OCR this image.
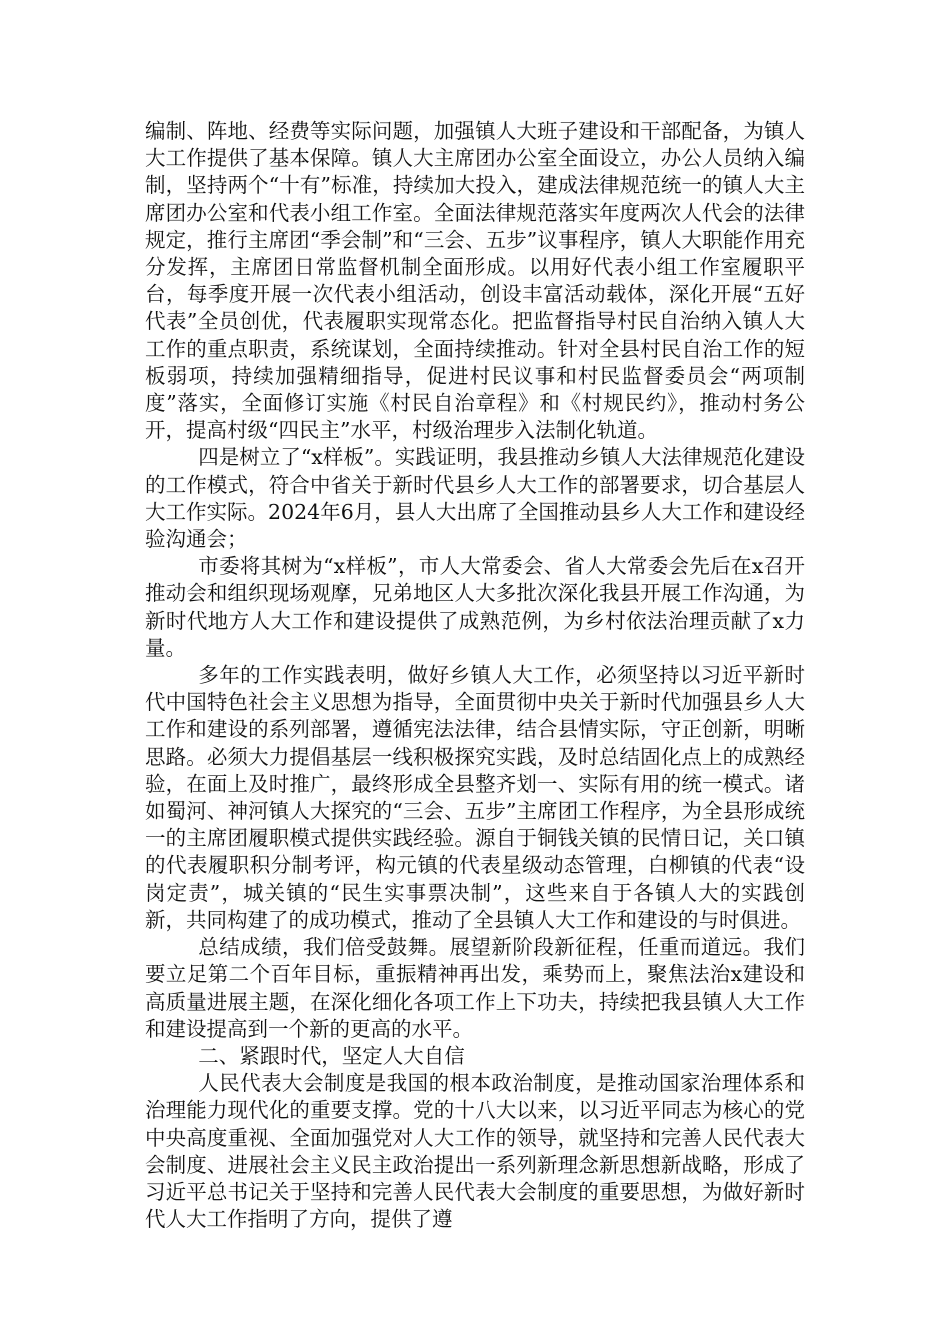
编制、阵地、经费等实际问题，加强镇人大班子建设和干部配备，为镇人大工作提供了基本保障。镇人大主席团办公室全面设立，办公人员纳入编制，坚持两个“十有”标准，持续加大投入，建成法律规范统一的镇人大主席团办公室和代表小组工作室。全面法律规范落实年度两次人代会的法律规定，推行主席团“季会制”和“三会、五步”议事程序，镇人大职能作用充分发挥，主席团日常监督机制全面形成。以用好代表小组工作室履职平台，每季度开展一次代表小组活动，创设丰富活动载体，深化开展“五好代表”全员创优，代表履职实现常态化。把监督指导村民自治纳入镇人大工作的重点职责，系统谋划，全面持续推动。针对全县村民自治工作的短板弱项，持续加强精细指导，促进村民议事和村民监督委员会“两项制度”落实，全面修订实施《村民自治章程》和《村规民约》，推动村务公开，提高村级“四民主”水平，村级治理步入法制化轨道。

四是树立了“x样板”。实践证明，我县推动乡镇人大法律规范化建设的工作模式，符合中省关于新时代县乡人大工作的部署要求，切合基层人大工作实际。2024年6月，县人大出席了全国推动县乡人大工作和建设经验沟通会；

市委将其树为“x样板”，市人大常委会、省人大常委会先后在x召开推动会和组织现场观摩，兄弟地区人大多批次深化我县开展工作沟通，为新时代地方人大工作和建设提供了成熟范例，为乡村依法治理贡献了x力量。

多年的工作实践表明，做好乡镇人大工作，必须坚持以习近平新时代中国特色社会主义思想为指导，全面贯彻中央关于新时代加强县乡人大工作和建设的系列部署，遵循宪法法律，结合县情实际，守正创新，明晰思路。必须大力提倡基层一线积极探究实践，及时总结固化点上的成熟经验，在面上及时推广，最终形成全县整齐划一、实际有用的统一模式。诸如蜀河、神河镇人大探究的“三会、五步”主席团工作程序，为全县形成统一的主席团履职模式提供实践经验。源自于铜钱关镇的民情日记，关口镇的代表履职积分制考评，构元镇的代表星级动态管理，白柳镇的代表“设岗定责”，城关镇的“民生实事票决制”，这些来自于各镇人大的实践创新，共同构建了的成功模式，推动了全县镇人大工作和建设的与时俱进。

总结成绩，我们倍受鼓舞。展望新阶段新征程，任重而道远。我们要立足第二个百年目标，重振精神再出发，乘势而上，聚焦法治x建设和高质量进展主题，在深化细化各项工作上下功夫，持续把我县镇人大工作和建设提高到一个新的更高的水平。

二、紧跟时代，坚定人大自信

人民代表大会制度是我国的根本政治制度，是推动国家治理体系和治理能力现代化的重要支撑。党的十八大以来，以习近平同志为核心的党中央高度重视、全面加强党对人大工作的领导，就坚持和完善人民代表大会制度、进展社会主义民主政治提出一系列新理念新思想新战略，形成了习近平总书记关于坚持和完善人民代表大会制度的重要思想，为做好新时代人大工作指明了方向，提供了遵
